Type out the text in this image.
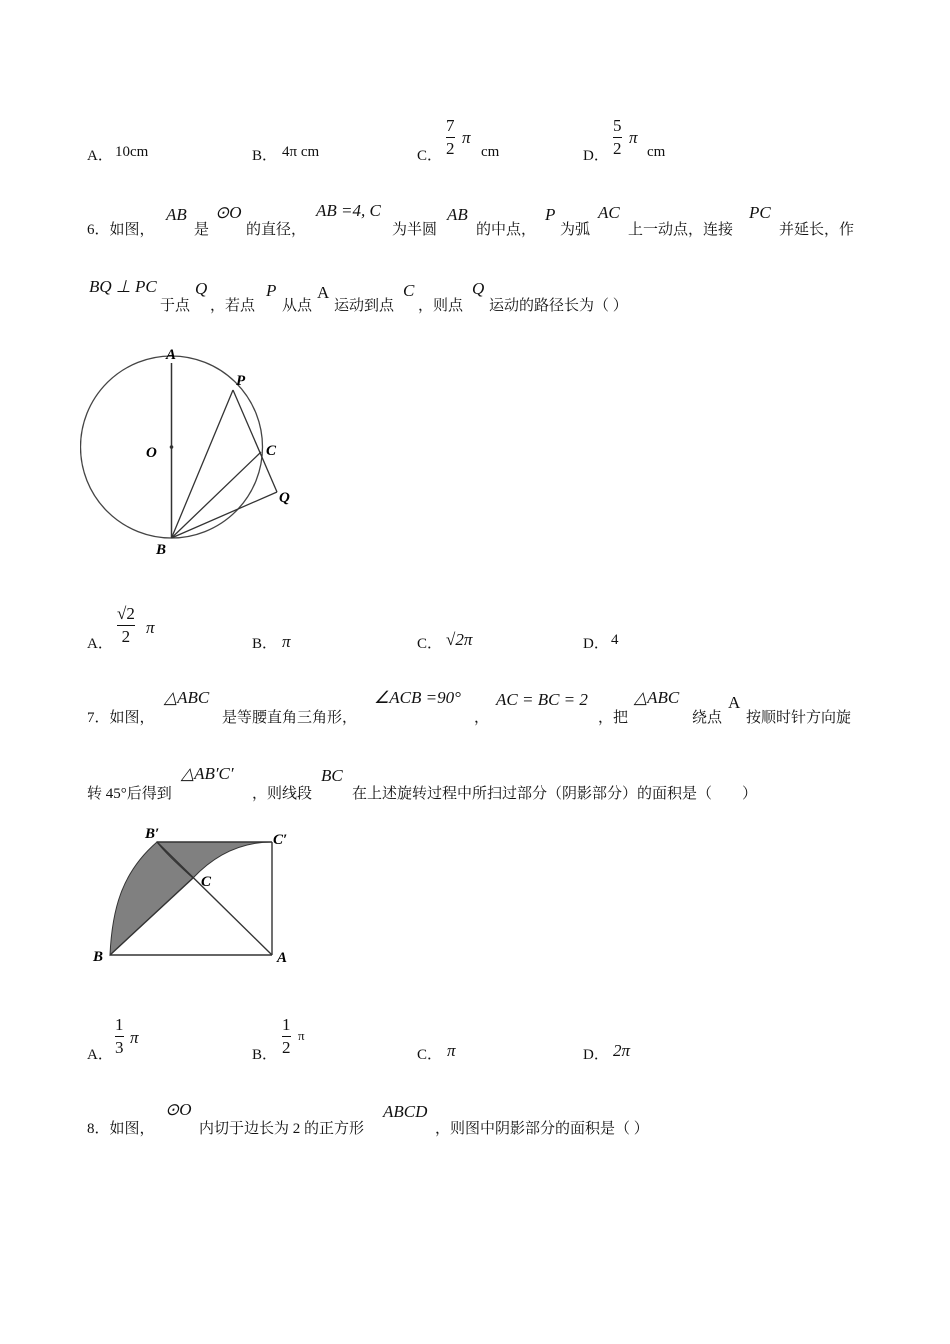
A． 10cm	B． 4π cm	C．
7
2
π
cm	D．
5
2
π
cm
6．如图，
AB
是
⊙O
的直径，
AB =4, C
为半圆
AB
的中点，
P
为弧
AC
上一动点，连接
PC
并延长，作
BQ ⊥ PC
于点
Q
，若点
P
从点
A
运动到点
C
，则点
Q
运动的路径长为（ ）
A
P
O	C
Q
B
A．
√2
2 π
B． π	C． √2π	D． 4
7．如图，
△ABC
是等腰直角三角形，
∠ACB =90°
，
AC = BC = 2
，把
△ABC
绕点
A
按顺时针方向旋
转 45°后得到
△AB′C′
，则线段
BC
在上述旋转过程中所扫过部分（阴影部分）的面积是（　　）
B′	C′
C
B	A
A．
1
3
π
B．
1
2
π
C． π	D． 2π
8．如图，
⊙O
内切于边长为 2 的正方形
ABCD
，则图中阴影部分的面积是（ ）
